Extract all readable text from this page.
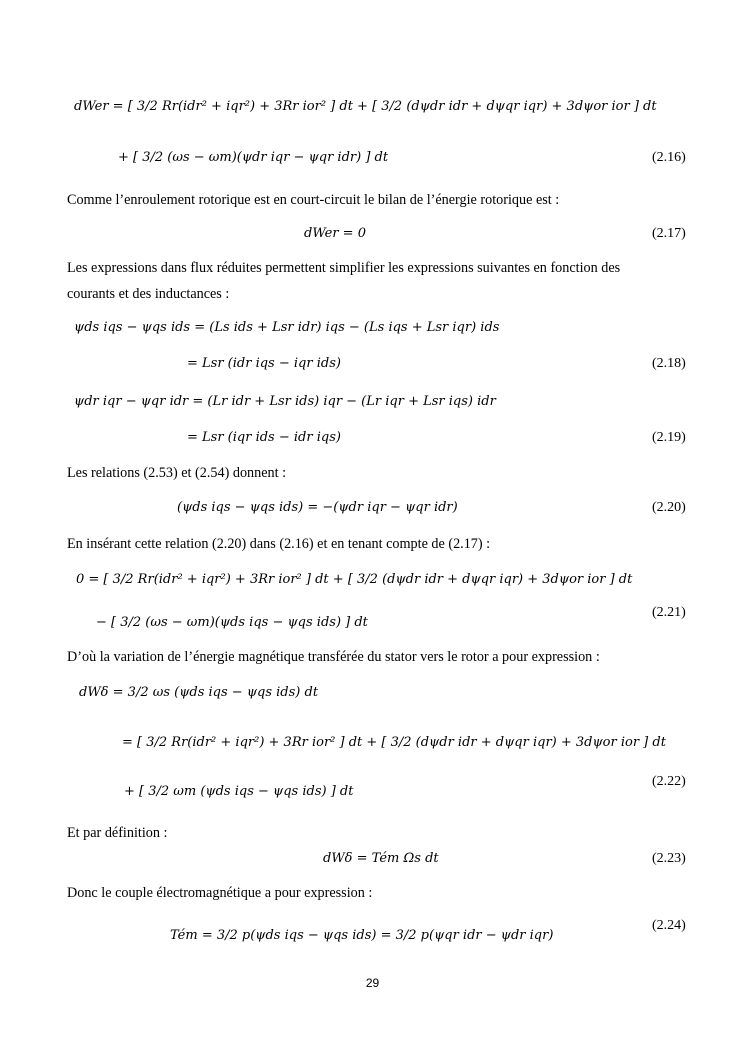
dWer = [ 3/2 Rr(idr² + iqr²) + 3Rr ior² ] dt + [ 3/2 (dψdr idr + dψqr iqr) + 3dψor ior ] dt
+ [ 3/2 (ωs − ωm)(ψdr iqr − ψqr idr) ] dt	(2.16)
Comme l’enroulement rotorique est en court-circuit le bilan de l’énergie rotorique est :
dWer = 0	(2.17)
Les expressions dans flux réduites permettent simplifier les expressions suivantes en fonction des
courants et des inductances :
ψds iqs − ψqs ids = (Ls ids + Lsr idr) iqs − (Ls iqs + Lsr iqr) ids
= Lsr (idr iqs − iqr ids)	(2.18)
ψdr iqr − ψqr idr = (Lr idr + Lsr ids) iqr − (Lr iqr + Lsr iqs) idr
= Lsr (iqr ids − idr iqs)	(2.19)
Les relations (2.53) et (2.54) donnent :
(ψds iqs − ψqs ids) = −(ψdr iqr − ψqr idr)	(2.20)
En insérant cette relation (2.20) dans (2.16) et en tenant compte de (2.17) :
0 = [ 3/2 Rr(idr² + iqr²) + 3Rr ior² ] dt + [ 3/2 (dψdr idr + dψqr iqr) + 3dψor ior ] dt
− [ 3/2 (ωs − ωm)(ψds iqs − ψqs ids) ] dt
(2.21)
D’où la variation de l’énergie magnétique transférée du stator vers le rotor a pour expression :
dWδ = 3/2 ωs (ψds iqs − ψqs ids) dt
= [ 3/2 Rr(idr² + iqr²) + 3Rr ior² ] dt + [ 3/2 (dψdr idr + dψqr iqr) + 3dψor ior ] dt
+ [ 3/2 ωm (ψds iqs − ψqs ids) ] dt
(2.22)
Et par définition :
dWδ = Tém Ωs dt	(2.23)
Donc le couple électromagnétique a pour expression :
Tém = 3/2 p(ψds iqs − ψqs ids) = 3/2 p(ψqr idr − ψdr iqr)
(2.24)
29
